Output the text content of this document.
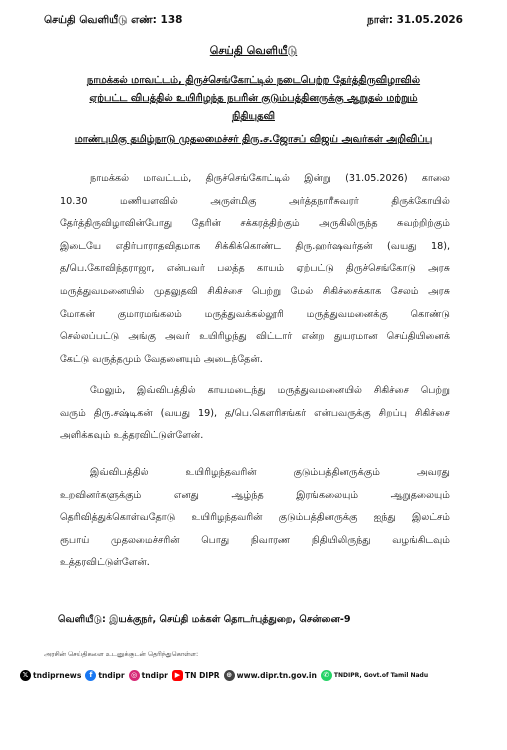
செய்தி வெளியீடு எண்: 138	நாள்: 31.05.2026
செய்தி வெளியீடு
நாமக்கல் மாவட்டம், திருச்செங்கோட்டில் நடைபெற்ற தேர்த்திருவிழாவில்
ஏற்பட்ட விபத்தில் உயிரிழந்த நபரின் குடும்பத்தினருக்கு ஆறுதல் மற்றும்
நிதியுதவி
மாண்புமிகு தமிழ்நாடு முதலமைச்சர் திரு.ச.ஜோசப் விஜய் அவர்கள் அறிவிப்பு
நாமக்கல் மாவட்டம், திருச்செங்கோட்டில் இன்று (31.05.2026) காலை
10.30 மணியளவில் அருள்மிகு அர்த்தநாரீசுவரர் திருக்கோயில்
தேர்த்திருவிழாவின்போது தேரின் சக்கரத்திற்கும் அருகிலிருந்த சுவற்றிற்கும்
இடையே எதிர்பாராதவிதமாக சிக்கிக்கொண்ட திரு.ஹர்ஷவர்தன் (வயது 18),
த/பெ.கோவிந்தராஜா, என்பவர் பலத்த காயம் ஏற்பட்டு திருச்செங்கோடு அரசு
மருத்துவமனையில் முதலுதவி சிகிச்சை பெற்று மேல் சிகிச்சைக்காக சேலம் அரசு
மோகன் குமாரமங்கலம் மருத்துவக்கல்லூரி மருத்துவமனைக்கு கொண்டு
செல்லப்பட்டு அங்கு அவர் உயிரிழந்து விட்டார் என்ற துயரமான செய்தியினைக்
கேட்டு வருத்தமும் வேதனையும் அடைந்தேன்.
மேலும், இவ்விபத்தில் காயமடைந்து மருத்துவமனையில் சிகிச்சை பெற்று
வரும் திரு.சஷ்டிகன் (வயது 19), த/பெ.கௌரிசங்கர் என்பவருக்கு சிறப்பு சிகிச்சை
அளிக்கவும் உத்தரவிட்டுள்ளேன்.
இவ்விபத்தில் உயிரிழந்தவரின் குடும்பத்தினருக்கும் அவரது
உறவினர்களுக்கும் எனது ஆழ்ந்த இரங்கலையும் ஆறுதலையும்
தெரிவித்துக்கொள்வதோடு உயிரிழந்தவரின் குடும்பத்தினருக்கு ஐந்து இலட்சம்
ரூபாய் முதலமைச்சரின் பொது நிவாரண நிதியிலிருந்து வழங்கிடவும்
உத்தரவிட்டுள்ளேன்.
வெளியீடு: இயக்குநர், செய்தி மக்கள் தொடர்புத்துறை, சென்னை-9
அரசின் செய்திகளை உடனுக்குடன் தெரிந்துகொள்ள:
𝕏 tndiprnews	f tndipr ◎ tndipr ▶ TN DIPR ⊕ www.dipr.tn.gov.in ✆ TNDIPR, Govt.of Tamil Nadu
